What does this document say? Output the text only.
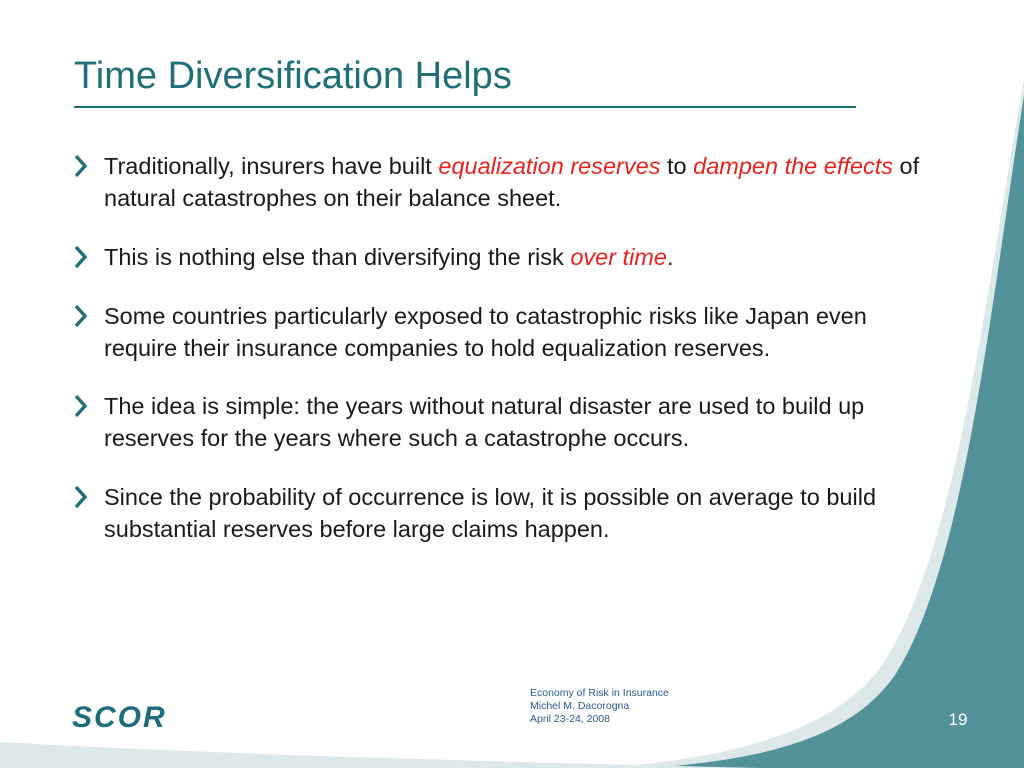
Time Diversification Helps
Traditionally, insurers have built equalization reserves to dampen the effects of natural catastrophes on their balance sheet.
This is nothing else than diversifying the risk over time.
Some countries particularly exposed to catastrophic risks like Japan even require their insurance companies to hold equalization reserves.
The idea is simple: the years without natural disaster are used to build up reserves for the years where such a catastrophe occurs.
Since the probability of occurrence is low, it is possible on average to build substantial reserves before large claims happen.
SCOR
Economy of Risk in Insurance
Michel M. Dacorogna
April 23-24, 2008	19
